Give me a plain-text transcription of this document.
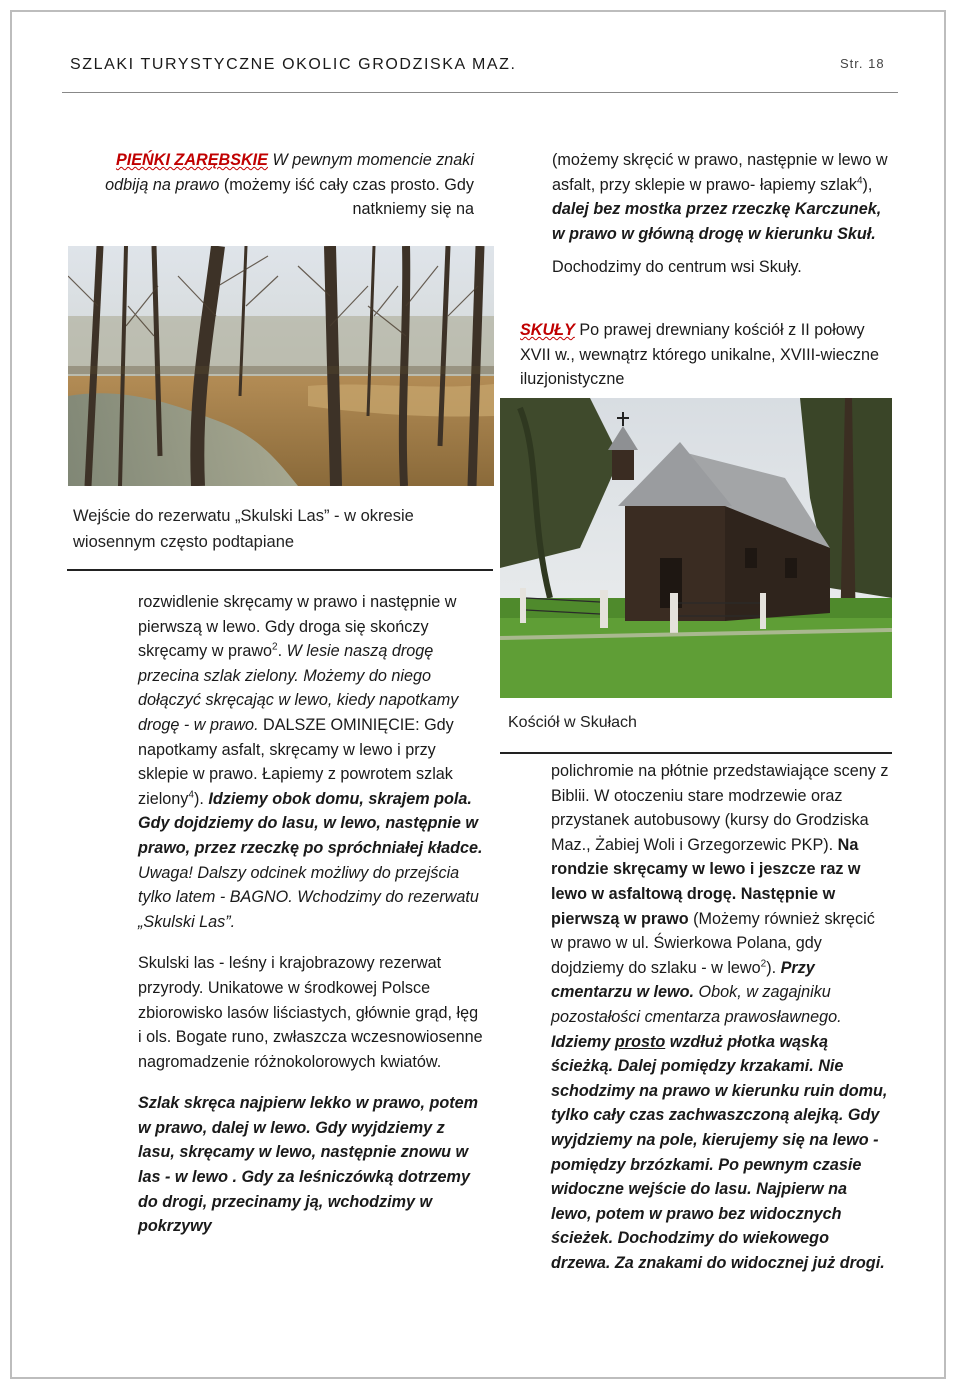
SZLAKI TURYSTYCZNE OKOLIC GRODZISKA MAZ.	Str. 18

PIEŃKI ZARĘBSKIE W pewnym momencie znaki odbiją na prawo (możemy iść cały czas prosto. Gdy natkniemy się na

Wejście do rezerwatu „Skulski Las” - w okresie wiosennym często podtapiane

(możemy skręcić w prawo, następnie w lewo w asfalt, przy sklepie w prawo- łapiemy szlak$^4$), dalej bez mostka przez rzeczkę Karczunek, w prawo w główną drogę w kierunku Skuł.

Dochodzimy do centrum wsi Skuły.

SKUŁY Po prawej drewniany kościół z II połowy XVII w., wewnątrz którego unikalne, XVIII-wieczne iluzjonistyczne

Kościół w Skułach

rozwidlenie skręcamy w prawo i następnie w pierwszą w lewo. Gdy droga się skończy skręcamy w prawo$^2$. W lesie naszą drogę przecina szlak zielony. Możemy do niego dołączyć skręcając w lewo, kiedy napotkamy drogę - w prawo. DALSZE OMINIĘCIE: Gdy napotkamy asfalt, skręcamy w lewo i przy sklepie w prawo. Łapiemy z powrotem szlak zielony$^4$). Idziemy obok domu, skrajem pola. Gdy dojdziemy do lasu, w lewo, następnie w prawo, przez rzeczkę po spróchniałej kładce. Uwaga! Dalszy odcinek możliwy do przejścia tylko latem - BAGNO. Wchodzimy do rezerwatu „Skulski Las”.

Skulski las - leśny i krajobrazowy rezerwat przyrody. Unikatowe w środkowej Polsce zbiorowisko lasów liściastych, głównie grąd, łęg i ols. Bogate runo, zwłaszcza wczesnowiosenne nagromadzenie różnokolorowych kwiatów.

Szlak skręca najpierw lekko w prawo, potem w prawo, dalej w lewo. Gdy wyjdziemy z lasu, skręcamy w lewo, następnie znowu w las - w lewo . Gdy za leśniczówką dotrzemy do drogi, przecinamy ją, wchodzimy w pokrzywy

polichromie na płótnie przedstawiające sceny z Biblii. W otoczeniu stare modrzewie oraz przystanek autobusowy (kursy do Grodziska Maz., Żabiej Woli i Grzegorzewic PKP). Na rondzie skręcamy w lewo i jeszcze raz w lewo w asfaltową drogę. Następnie w pierwszą w prawo (Możemy również skręcić w prawo w ul. Świerkowa Polana, gdy dojdziemy do szlaku - w lewo$^2$). Przy cmentarzu w lewo. Obok, w zagajniku pozostałości cmentarza prawosławnego. Idziemy prosto wzdłuż płotka wąską ścieżką. Dalej pomiędzy krzakami. Nie schodzimy na prawo w kierunku ruin domu, tylko cały czas zachwaszczoną alejką. Gdy wyjdziemy na pole, kierujemy się na lewo - pomiędzy brzózkami. Po pewnym czasie widoczne wejście do lasu. Najpierw na lewo, potem w prawo bez widocznych ścieżek. Dochodzimy do wiekowego drzewa. Za znakami do widocznej już drogi.
